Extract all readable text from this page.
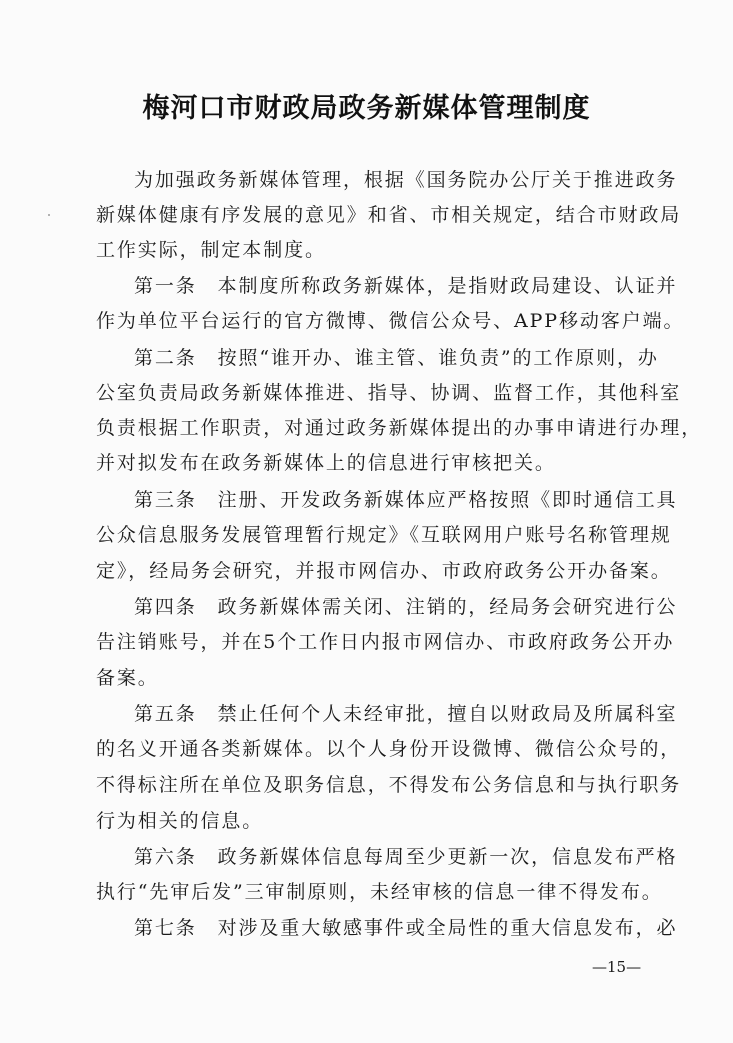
梅河口市财政局政务新媒体管理制度
为加强政务新媒体管理，根据《国务院办公厅关于推进政务
新媒体健康有序发展的意见》和省、市相关规定，结合市财政局
工作实际，制定本制度。
第一条　本制度所称政务新媒体，是指财政局建设、认证并
作为单位平台运行的官方微博、微信公众号、APP移动客户端。
第二条　按照“谁开办、谁主管、谁负责”的工作原则，办
公室负责局政务新媒体推进、指导、协调、监督工作，其他科室
负责根据工作职责，对通过政务新媒体提出的办事申请进行办理，
并对拟发布在政务新媒体上的信息进行审核把关。
第三条　注册、开发政务新媒体应严格按照《即时通信工具
公众信息服务发展管理暂行规定》《互联网用户账号名称管理规
定》，经局务会研究，并报市网信办、市政府政务公开办备案。
第四条　政务新媒体需关闭、注销的，经局务会研究进行公
告注销账号，并在5个工作日内报市网信办、市政府政务公开办
备案。
第五条　禁止任何个人未经审批，擅自以财政局及所属科室
的名义开通各类新媒体。以个人身份开设微博、微信公众号的，
不得标注所在单位及职务信息，不得发布公务信息和与执行职务
行为相关的信息。
第六条　政务新媒体信息每周至少更新一次，信息发布严格
执行“先审后发”三审制原则，未经审核的信息一律不得发布。
第七条　对涉及重大敏感事件或全局性的重大信息发布，必
—15—
